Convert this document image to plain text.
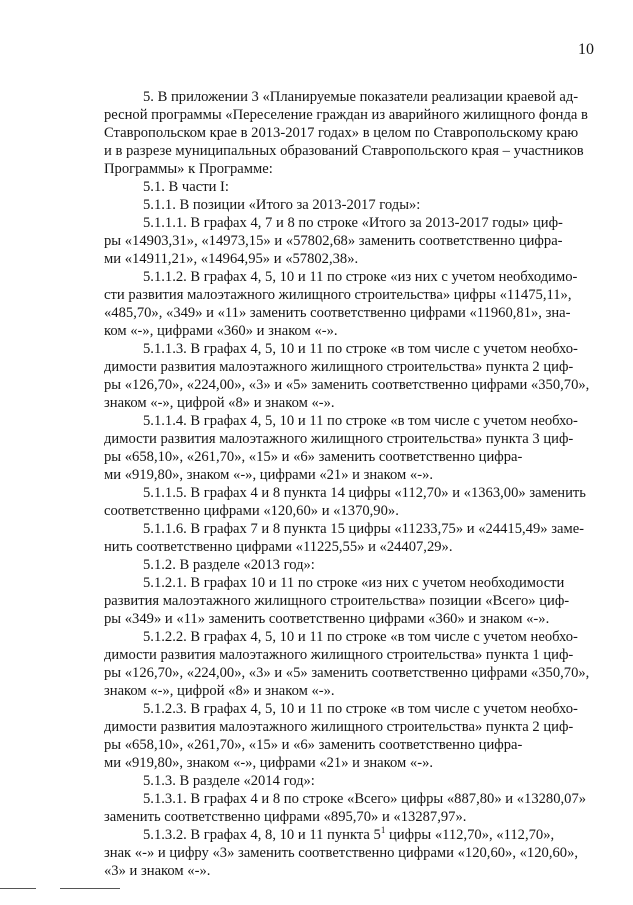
10
5. В приложении 3 «Планируемые показатели реализации краевой ад-
ресной программы «Переселение граждан из аварийного жилищного фонда в
Ставропольском крае в 2013-2017 годах» в целом по Ставропольскому краю
и в разрезе муниципальных образований Ставропольского края – участников
Программы» к Программе:
5.1. В части I:
5.1.1. В позиции «Итого за 2013-2017 годы»:
5.1.1.1. В графах 4, 7 и 8 по строке «Итого за 2013-2017 годы» циф-
ры «14903,31», «14973,15» и «57802,68» заменить соответственно цифра-
ми «14911,21», «14964,95» и «57802,38».
5.1.1.2. В графах 4, 5, 10 и 11 по строке «из них с учетом необходимо-
сти развития малоэтажного жилищного строительства» цифры «11475,11»,
«485,70», «349» и «11» заменить соответственно цифрами «11960,81», зна-
ком «-», цифрами «360» и знаком «-».
5.1.1.3. В графах 4, 5, 10 и 11 по строке «в том числе с учетом необхо-
димости развития малоэтажного жилищного строительства» пункта 2 циф-
ры «126,70», «224,00», «3» и «5» заменить соответственно цифрами «350,70»,
знаком «-», цифрой «8» и знаком «-».
5.1.1.4. В графах 4, 5, 10 и 11 по строке «в том числе с учетом необхо-
димости развития малоэтажного жилищного строительства» пункта 3 циф-
ры «658,10», «261,70», «15» и «6» заменить соответственно цифра-
ми «919,80», знаком «-», цифрами «21» и знаком «-».
5.1.1.5. В графах 4 и 8 пункта 14 цифры «112,70» и «1363,00» заменить
соответственно цифрами «120,60» и «1370,90».
5.1.1.6. В графах 7 и 8 пункта 15 цифры «11233,75» и «24415,49» заме-
нить соответственно цифрами «11225,55» и «24407,29».
5.1.2. В разделе «2013 год»:
5.1.2.1. В графах 10 и 11 по строке «из них с учетом необходимости
развития малоэтажного жилищного строительства» позиции «Всего» циф-
ры «349» и «11» заменить соответственно цифрами «360» и знаком «-».
5.1.2.2. В графах 4, 5, 10 и 11 по строке «в том числе с учетом необхо-
димости развития малоэтажного жилищного строительства» пункта 1 циф-
ры «126,70», «224,00», «3» и «5» заменить соответственно цифрами «350,70»,
знаком «-», цифрой «8» и знаком «-».
5.1.2.3. В графах 4, 5, 10 и 11 по строке «в том числе с учетом необхо-
димости развития малоэтажного жилищного строительства» пункта 2 циф-
ры «658,10», «261,70», «15» и «6» заменить соответственно цифра-
ми «919,80», знаком «-», цифрами «21» и знаком «-».
5.1.3. В разделе «2014 год»:
5.1.3.1. В графах 4 и 8 по строке «Всего» цифры «887,80» и «13280,07»
заменить соответственно цифрами «895,70» и «13287,97».
5.1.3.2. В графах 4, 8, 10 и 11 пункта $5^1$ цифры «112,70», «112,70»,
знак «-» и цифру «3» заменить соответственно цифрами «120,60», «120,60»,
«3» и знаком «-».
